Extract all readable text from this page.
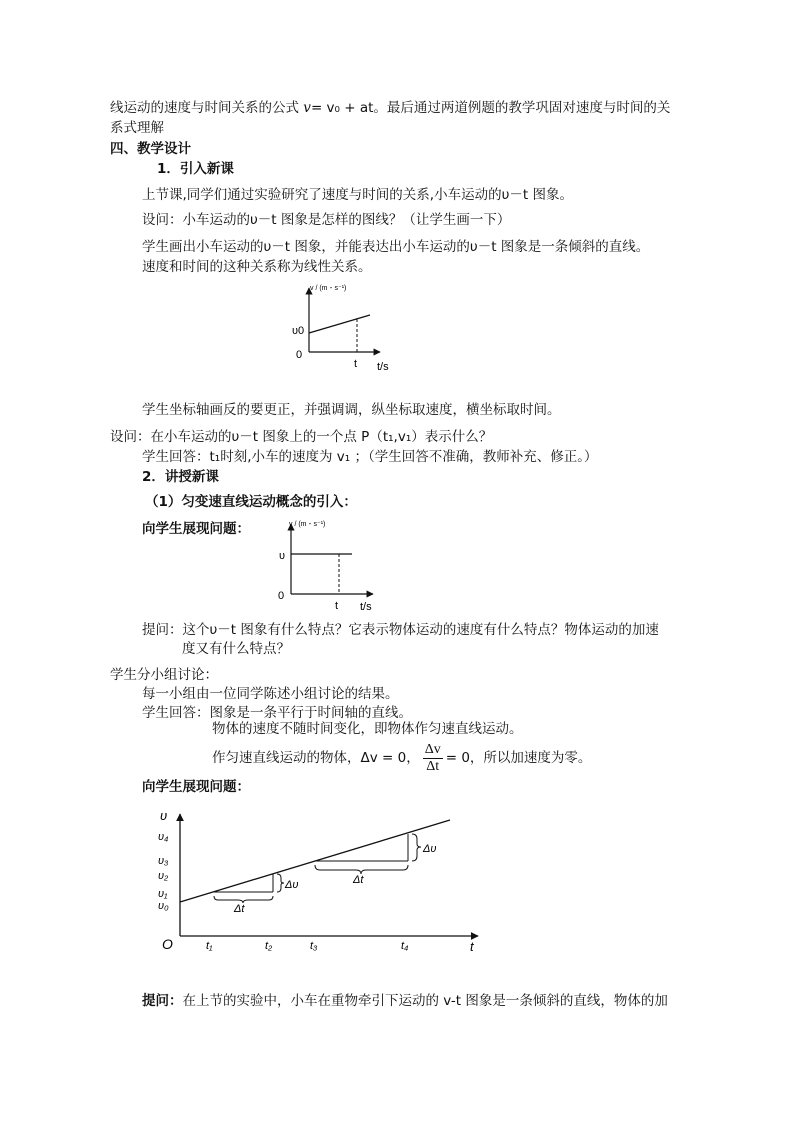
线运动的速度与时间关系的公式 v= v₀ + at。最后通过两道例题的教学巩固对速度与时间的关
系式理解
四、教学设计
1．引入新课
上节课,同学们通过实验研究了速度与时间的关系,小车运动的υ－t 图象。
设问：小车运动的υ－t 图象是怎样的图线？（让学生画一下）
学生画出小车运动的υ－t 图象，并能表达出小车运动的υ－t 图象是一条倾斜的直线。
速度和时间的这种关系称为线性关系。
v / (m・s⁻¹)
υ0
0
t t/s
学生坐标轴画反的要更正，并强调调，纵坐标取速度，横坐标取时间。
设问：在小车运动的υ－t 图象上的一个点 P（t₁,v₁）表示什么？
学生回答：t₁时刻,小车的速度为 v₁ ；（学生回答不准确，教师补充、修正。）
2．讲授新课
（1）匀变速直线运动概念的引入：
向学生展现问题：	v / (m・s⁻¹)
υ
0
t t/s
提问：这个υ－t 图象有什么特点？它表示物体运动的速度有什么特点？物体运动的加速
度又有什么特点？
学生分小组讨论：
每一小组由一位同学陈述小组讨论的结果。
学生回答：图象是一条平行于时间轴的直线。
物体的速度不随时间变化，即物体作匀速直线运动。
作匀速直线运动的物体，Δv = 0， $\frac{\Delta v}{\Delta t} = 0$，所以加速度为零。
向学生展现问题：
υ
υ₄
υ₃
υ₂
υ₁
υ₀
O	t₁	t₂	t₃	t₄	t
Δυ
Δt
Δυ
Δt
提问：在上节的实验中，小车在重物牵引下运动的 v-t 图象是一条倾斜的直线，物体的加
